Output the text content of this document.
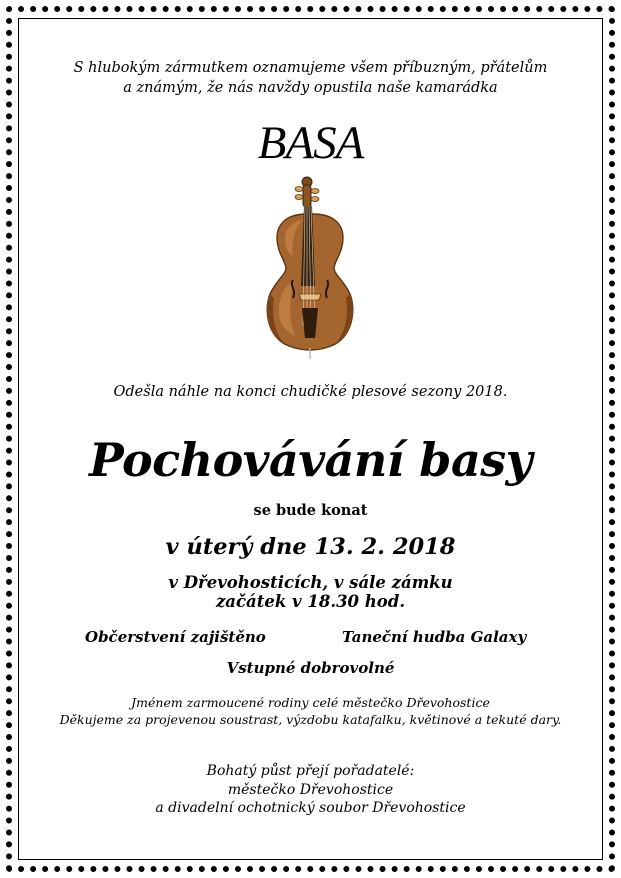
S hlubokým zármutkem oznamujeme všem příbuzným, přátelům
a známým, že nás navždy opustila naše kamarádka
BASA
Odešla náhle na konci chudičké plesové sezony 2018.
Pochovávání basy
se bude konat
v úterý dne 13. 2. 2018
v Dřevohosticích, v sále zámku
začátek v 18.30 hod.
Občerstvení zajištěno	Taneční hudba Galaxy
Vstupné dobrovolné
Jménem zarmoucené rodiny celé městečko Dřevohostice
Děkujeme za projevenou soustrast, výzdobu katafalku, květinové a tekuté dary.
Bohatý půst přejí pořadatelé:
městečko Dřevohostice
a divadelní ochotnický soubor Dřevohostice
